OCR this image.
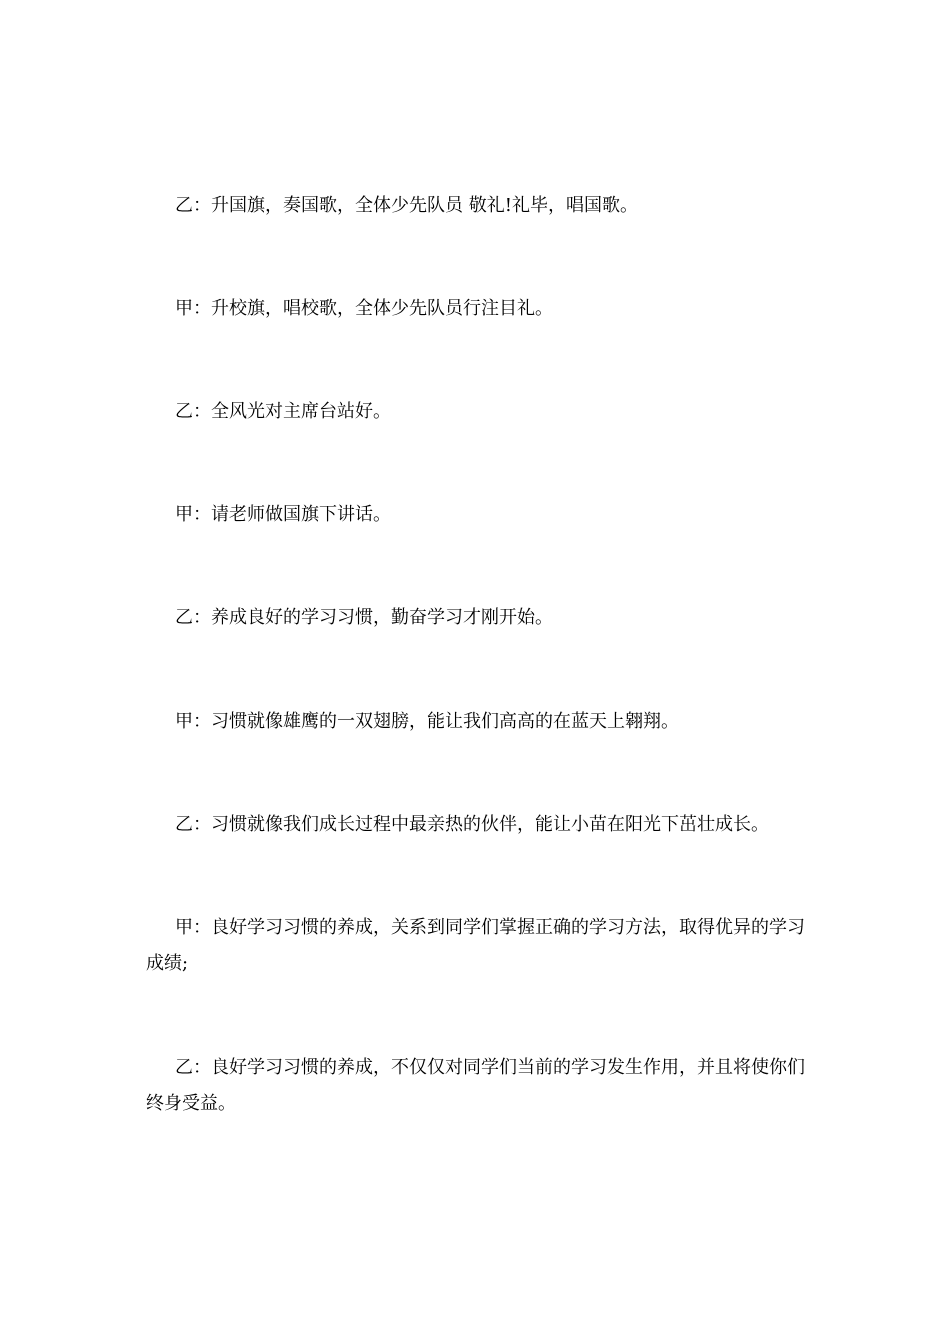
乙：升国旗，奏国歌，全体少先队员 敬礼!礼毕，唱国歌。

甲：升校旗，唱校歌，全体少先队员行注目礼。

乙：全风光对主席台站好。

甲：请老师做国旗下讲话。

乙：养成良好的学习习惯，勤奋学习才刚开始。

甲：习惯就像雄鹰的一双翅膀，能让我们高高的在蓝天上翱翔。

乙：习惯就像我们成长过程中最亲热的伙伴，能让小苗在阳光下茁壮成长。

甲：良好学习习惯的养成，关系到同学们掌握正确的学习方法，取得优异的学习成绩;

乙：良好学习习惯的养成，不仅仅对同学们当前的学习发生作用，并且将使你们终身受益。
